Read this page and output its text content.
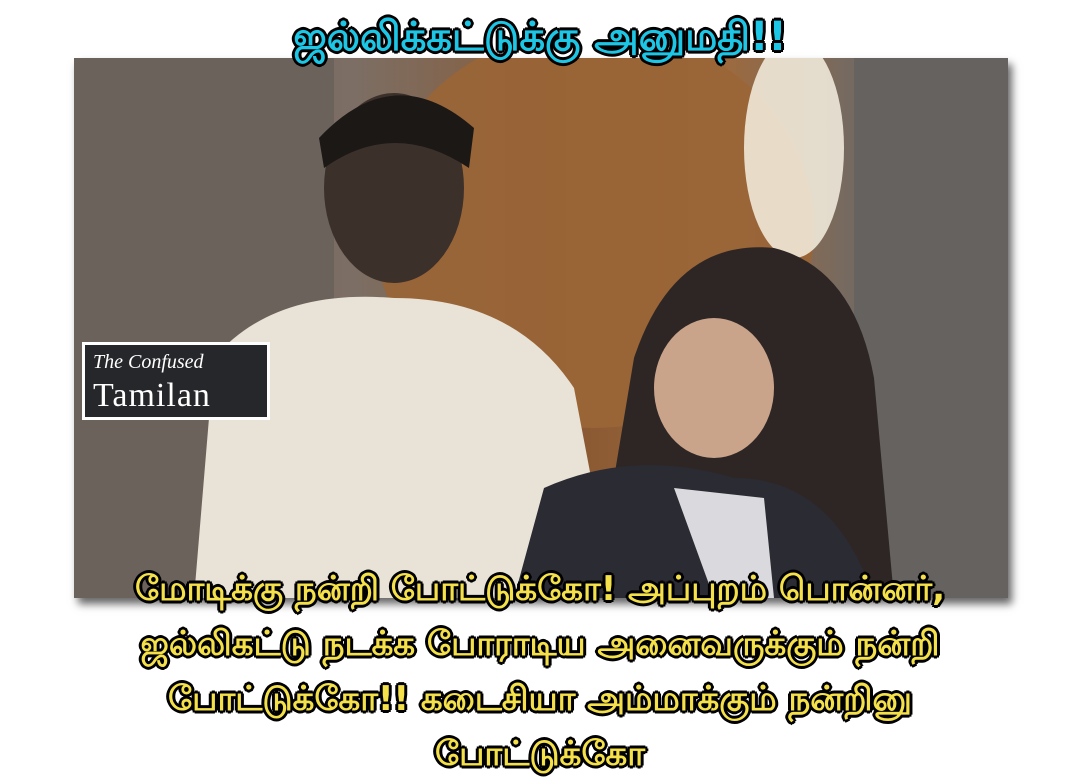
ஜல்லிக்கட்டுக்கு அனுமதி!!
The Confused
Tamilan
மோடிக்கு நன்றி போட்டுக்கோ! அப்புறம் பொன்னர்,
ஜல்லிகட்டு நடக்க போராடிய அனைவருக்கும் நன்றி
போட்டுக்கோ!! கடைசியா அம்மாக்கும் நன்றினு
போட்டுக்கோ
